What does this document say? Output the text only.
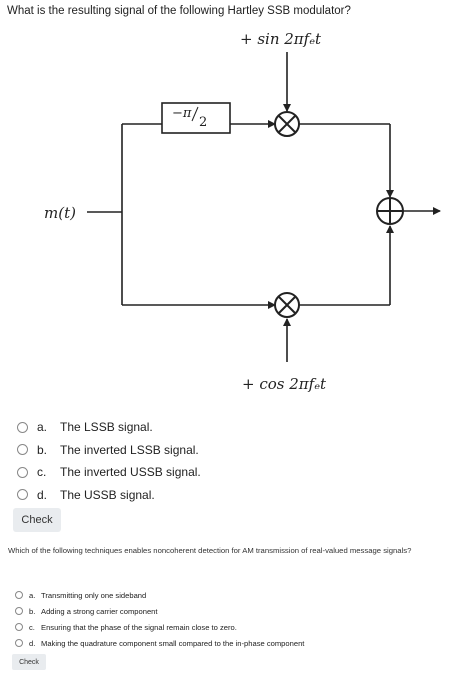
What is the resulting signal of the following Hartley SSB modulator?
m(t)
−π
2
+ sin 2πfₑt
+ cos 2πfₑt
a.	The LSSB signal.
b.	The inverted LSSB signal.
c.	The inverted USSB signal.
d.	The USSB signal.
Check
Which of the following techniques enables noncoherent detection for AM transmission of real-valued message signals?
a. Transmitting only one sideband
b. Adding a strong carrier component
c. Ensuring that the phase of the signal remain close to zero.
d. Making the quadrature component small compared to the in-phase component
Check
